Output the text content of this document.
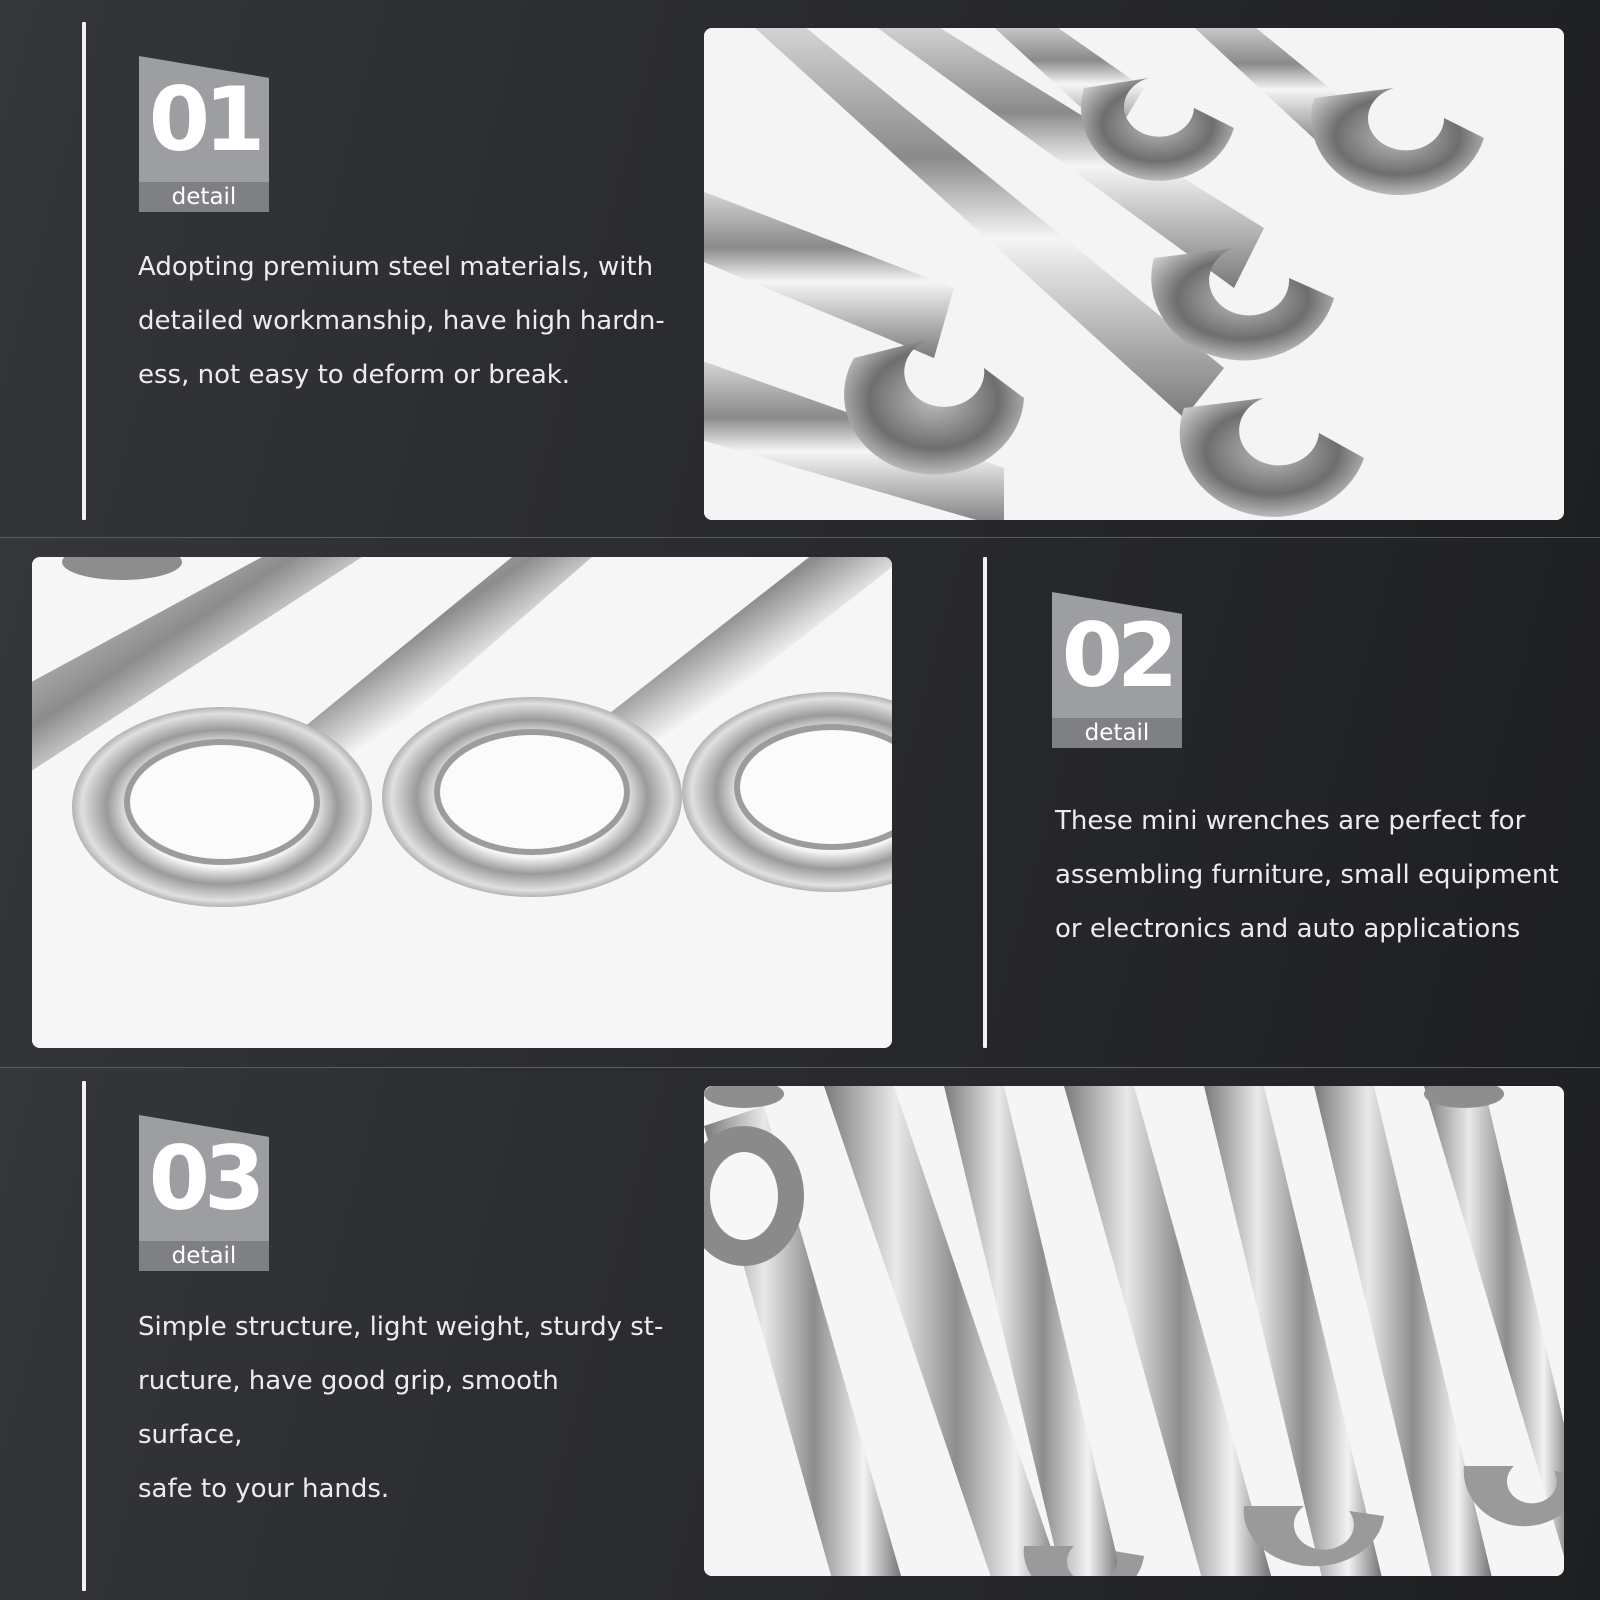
01
detail
Adopting premium steel materials, with
detailed workmanship, have high hardn-
ess, not easy to deform or break.
02
detail
These mini wrenches are perfect for
assembling furniture, small equipment
or electronics and auto applications
03
detail
Simple structure, light weight, sturdy st-
ructure, have good grip, smooth surface,
safe to your hands.
